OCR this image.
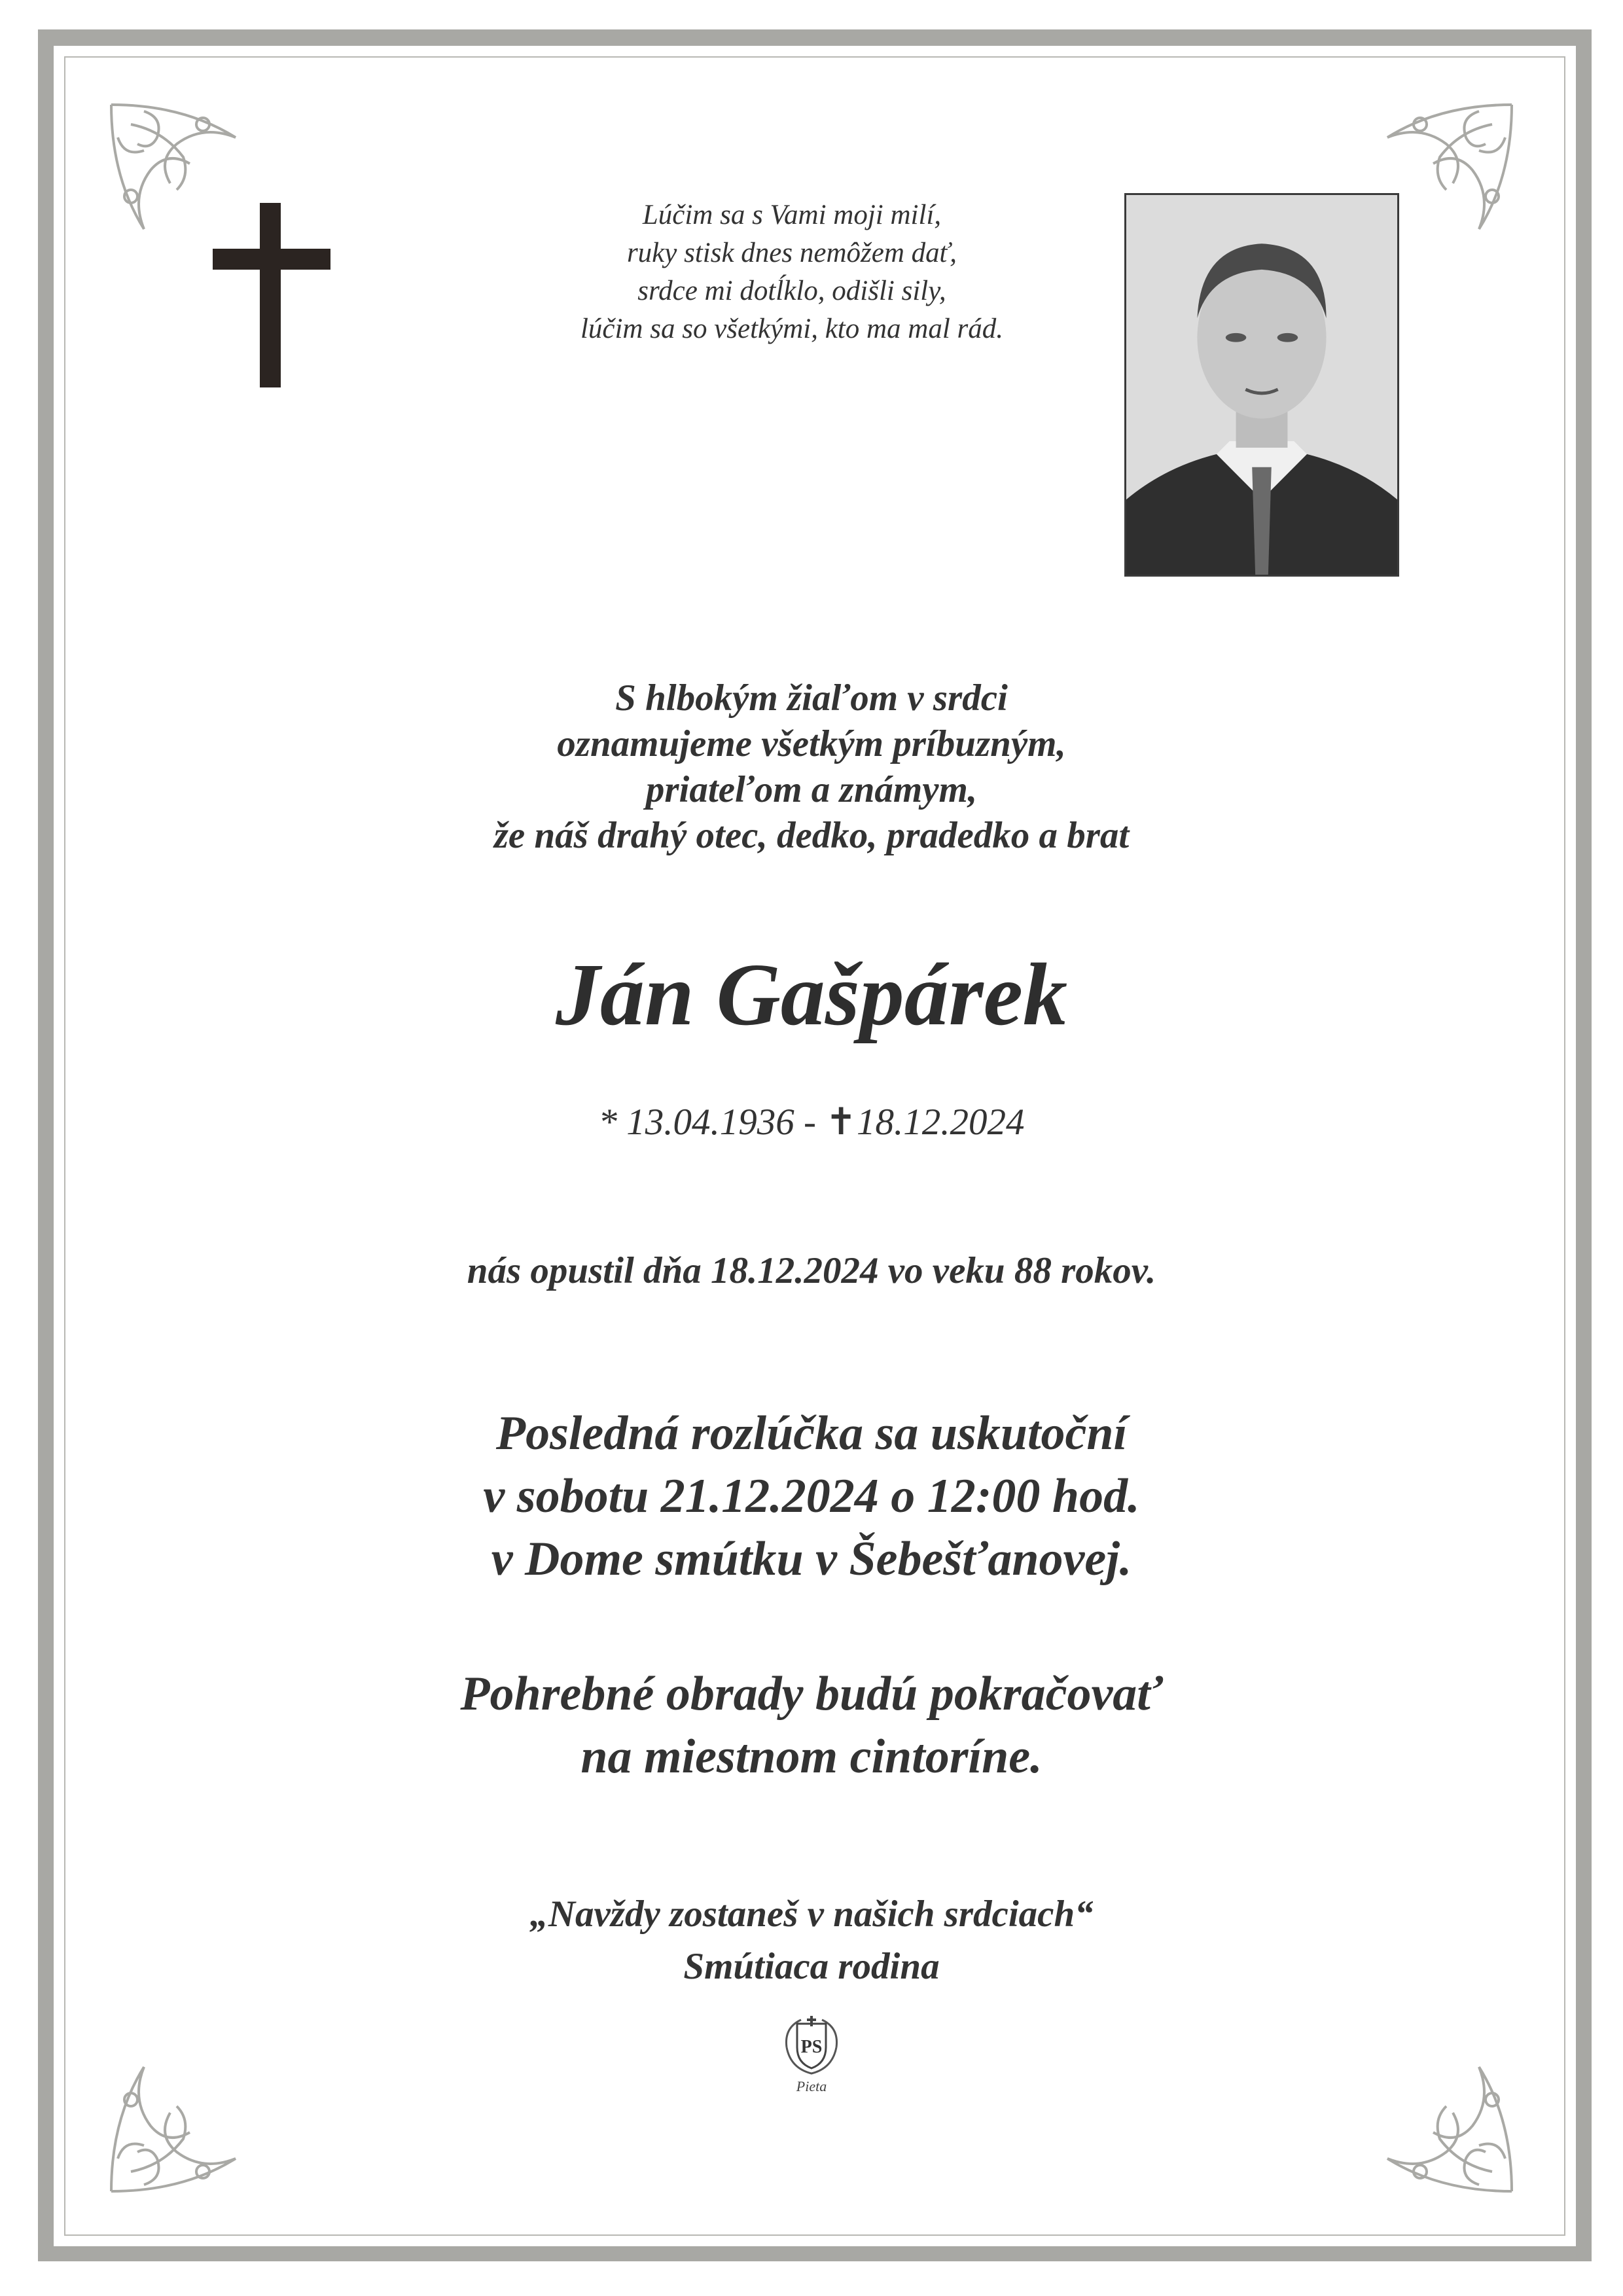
Lúčim sa s Vami moji milí,
ruky stisk dnes nemôžem dať,
srdce mi dotĺklo, odišli sily,
lúčim sa so všetkými, kto ma mal rád.
S hlbokým žiaľom v srdci
oznamujeme všetkým príbuzným,
priateľom a známym,
že náš drahý otec, dedko, pradedko a brat
Ján Gašpárek
* 13.04.1936 - ✝18.12.2024
nás opustil dňa 18.12.2024 vo veku 88 rokov.
Posledná rozlúčka sa uskutoční
v sobotu 21.12.2024 o 12:00 hod.
v Dome smútku v Šebešťanovej.
Pohrebné obrady budú pokračovať
na miestnom cintoríne.
„Navždy zostaneš v našich srdciach“
Smútiaca rodina
PS
Pieta
